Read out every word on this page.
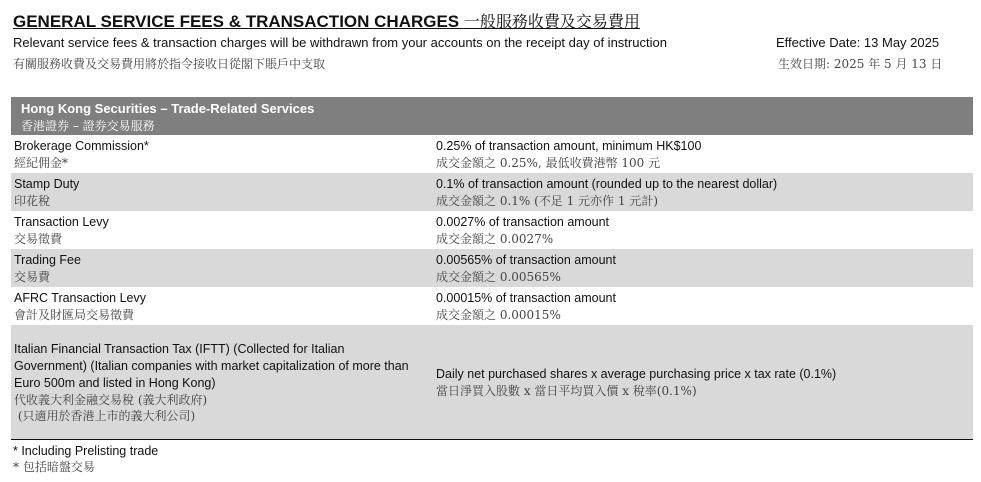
GENERAL SERVICE FEES & TRANSACTION CHARGES 一般服務收費及交易費用
Relevant service fees & transaction charges will be withdrawn from your accounts on the receipt day of instruction
有關服務收費及交易費用將於指令接收日從閣下賬戶中支取
Effective Date: 13 May 2025
生效日期: 2025 年 5 月 13 日
Hong Kong Securities – Trade-Related Services
香港證券 – 證券交易服務
Brokerage Commission*
經紀佣金*
0.25% of transaction amount, minimum HK$100
成交金額之 0.25%, 最低收費港幣 100 元
Stamp Duty
印花稅
0.1% of transaction amount (rounded up to the nearest dollar)
成交金額之 0.1% (不足 1 元亦作 1 元計)
Transaction Levy
交易徵費
0.0027% of transaction amount
成交金額之 0.0027%
Trading Fee
交易費
0.00565% of transaction amount
成交金額之 0.00565%
AFRC Transaction Levy
會計及財匯局交易徵費
0.00015% of transaction amount
成交金額之 0.00015%
Italian Financial Transaction Tax (IFTT) (Collected for Italian Government) (Italian companies with market capitalization of more than Euro 500m and listed in Hong Kong)
代收義大利金融交易稅 (義大利政府)
(只適用於香港上市的義大利公司)
Daily net purchased shares x average purchasing price x tax rate (0.1%)
當日淨買入股數 x 當日平均買入價 x 稅率(0.1%)
* Including Prelisting trade
* 包括暗盤交易
